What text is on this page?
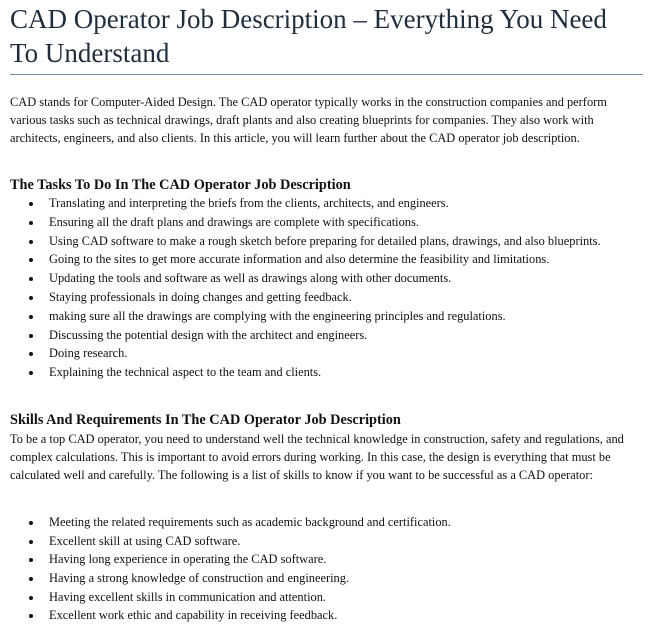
CAD Operator Job Description – Everything You Need To Understand

CAD stands for Computer-Aided Design. The CAD operator typically works in the construction companies and perform various tasks such as technical drawings, draft plants and also creating blueprints for companies. They also work with architects, engineers, and also clients. In this article, you will learn further about the CAD operator job description.

The Tasks To Do In The CAD Operator Job Description
Translating and interpreting the briefs from the clients, architects, and engineers.
Ensuring all the draft plans and drawings are complete with specifications.
Using CAD software to make a rough sketch before preparing for detailed plans, drawings, and also blueprints.
Going to the sites to get more accurate information and also determine the feasibility and limitations.
Updating the tools and software as well as drawings along with other documents.
Staying professionals in doing changes and getting feedback.
making sure all the drawings are complying with the engineering principles and regulations.
Discussing the potential design with the architect and engineers.
Doing research.
Explaining the technical aspect to the team and clients.
Skills And Requirements In The CAD Operator Job Description

To be a top CAD operator, you need to understand well the technical knowledge in construction, safety and regulations, and complex calculations. This is important to avoid errors during working. In this case, the design is everything that must be calculated well and carefully. The following is a list of skills to know if you want to be successful as a CAD operator:

Meeting the related requirements such as academic background and certification.
Excellent skill at using CAD software.
Having long experience in operating the CAD software.
Having a strong knowledge of construction and engineering.
Having excellent skills in communication and attention.
Excellent work ethic and capability in receiving feedback.
